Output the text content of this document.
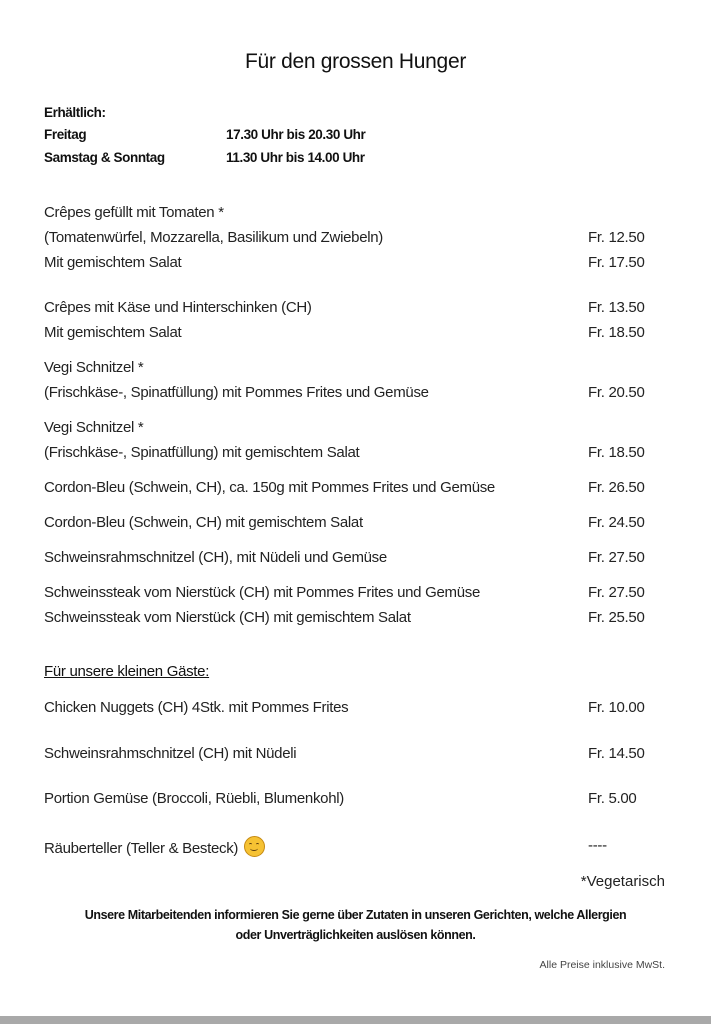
Für den grossen Hunger
Erhältlich:
Freitag	17.30 Uhr bis 20.30 Uhr
Samstag & Sonntag	11.30 Uhr bis 14.00 Uhr
Crêpes gefüllt mit Tomaten *
(Tomatenwürfel, Mozzarella, Basilikum und Zwiebeln)	Fr. 12.50
Mit gemischtem Salat	Fr. 17.50
Crêpes mit Käse und Hinterschinken (CH)	Fr. 13.50
Mit gemischtem Salat	Fr. 18.50
Vegi Schnitzel *
(Frischkäse-, Spinatfüllung) mit Pommes Frites und Gemüse	Fr. 20.50
Vegi Schnitzel *
(Frischkäse-, Spinatfüllung) mit gemischtem Salat	Fr. 18.50
Cordon-Bleu (Schwein, CH), ca. 150g mit Pommes Frites und Gemüse	Fr. 26.50
Cordon-Bleu (Schwein, CH) mit gemischtem Salat	Fr. 24.50
Schweinsrahmschnitzel (CH), mit Nüdeli und Gemüse	Fr. 27.50
Schweinssteak vom Nierstück (CH) mit Pommes Frites und Gemüse	Fr. 27.50
Schweinssteak vom Nierstück (CH) mit gemischtem Salat	Fr. 25.50
Für unsere kleinen Gäste:
Chicken Nuggets (CH) 4Stk. mit Pommes Frites	Fr. 10.00
Schweinsrahmschnitzel (CH) mit Nüdeli	Fr. 14.50
Portion Gemüse (Broccoli, Rüebli, Blumenkohl)	Fr. 5.00
Räuberteller (Teller & Besteck)	----
*Vegetarisch
Unsere Mitarbeitenden informieren Sie gerne über Zutaten in unseren Gerichten, welche Allergien
oder Unverträglichkeiten auslösen können.
Alle Preise inklusive MwSt.
